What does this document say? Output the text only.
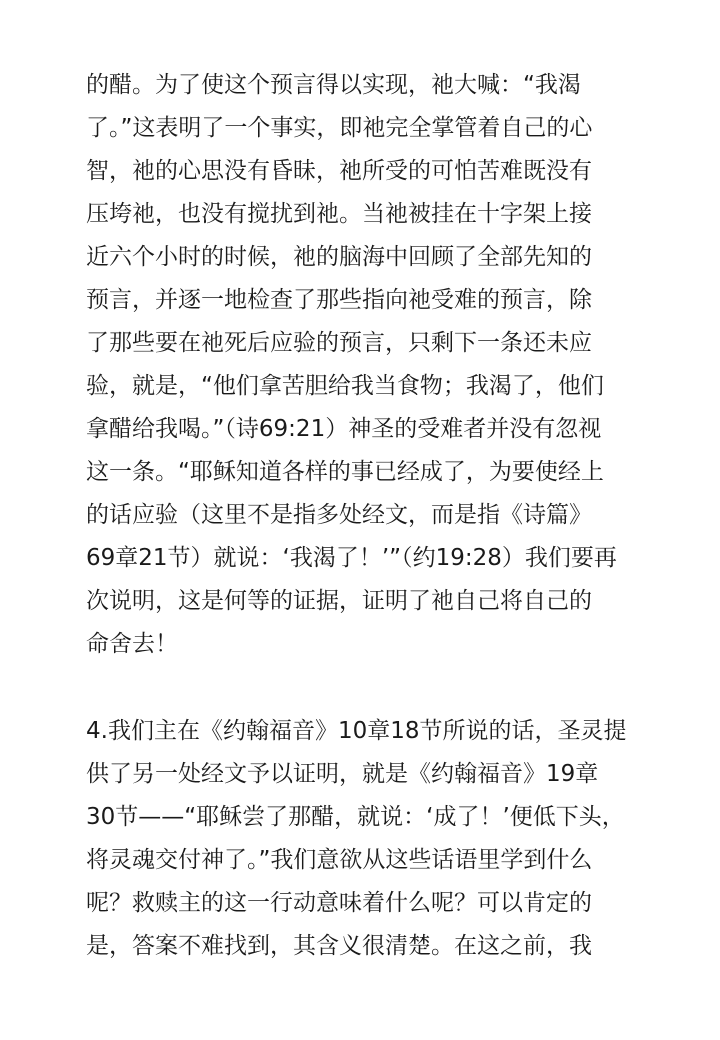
的醋。为了使这个预言得以实现，祂大喊：“我渴
了。”这表明了一个事实，即祂完全掌管着自己的心
智，祂的心思没有昏昧，祂所受的可怕苦难既没有
压垮祂，也没有搅扰到祂。当祂被挂在十字架上接
近六个小时的时候，祂的脑海中回顾了全部先知的
预言，并逐一地检查了那些指向祂受难的预言，除
了那些要在祂死后应验的预言，只剩下一条还未应
验，就是，“他们拿苦胆给我当食物；我渴了，他们
拿醋给我喝。”（诗69:21）神圣的受难者并没有忽视
这一条。“耶稣知道各样的事已经成了，为要使经上
的话应验（这里不是指多处经文，而是指《诗篇》
69章21节）就说：‘我渴了！’”（约19:28）我们要再
次说明，这是何等的证据，证明了祂自己将自己的
命舍去！
4.我们主在《约翰福音》10章18节所说的话，圣灵提
供了另一处经文予以证明，就是《约翰福音》19章
30节——“耶稣尝了那醋，就说：‘成了！’便低下头，
将灵魂交付神了。”我们意欲从这些话语里学到什么
呢？救赎主的这一行动意味着什么呢？可以肯定的
是，答案不难找到，其含义很清楚。在这之前，我
